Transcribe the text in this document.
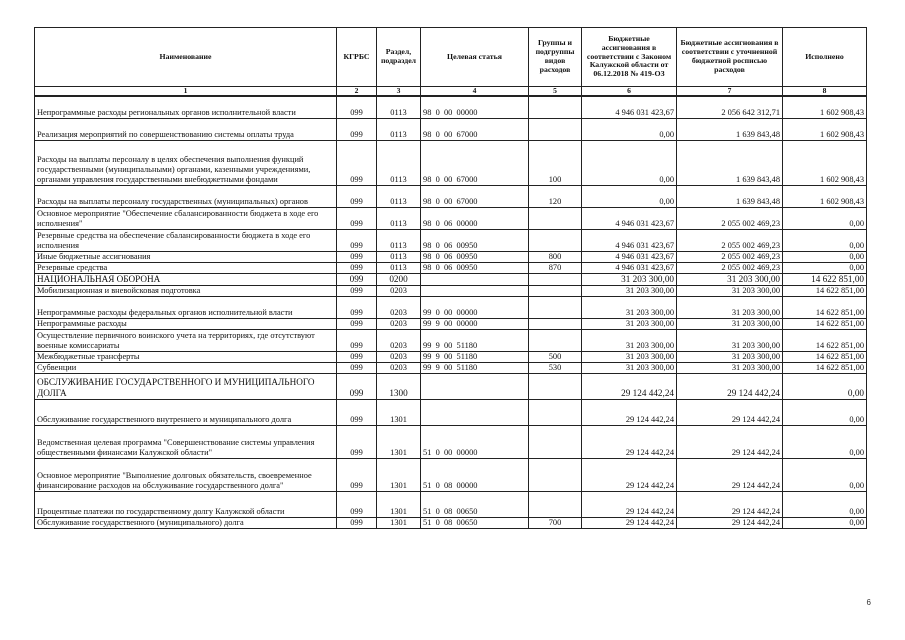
Наименование	КГРБС	Раздел, подраздел	Целевая статья	Группы и подгруппы видов расходов	Бюджетные ассигнования в соответствии с Законом Калужской области от 06.12.2018 № 419-ОЗ	Бюджетные ассигнования в соответствии с уточненной бюджетной росписью расходов	Исполнено
1	2	3	4	5	6	7	8
Непрограммные расходы региональных органов исполнительной власти	099	0113	98  0  00  00000		4 946 031 423,67	2 056 642 312,71	1 602 908,43
Реализация мероприятий по совершенствованию системы оплаты труда	099	0113	98  0  00  67000		0,00	1 639 843,48	1 602 908,43
Расходы на выплаты персоналу в целях обеспечения выполнения функций государственными (муниципальными) органами, казенными учреждениями, органами управления государственными внебюджетными фондами	099	0113	98  0  00  67000	100	0,00	1 639 843,48	1 602 908,43
Расходы на выплаты персоналу государственных (муниципальных) органов	099	0113	98  0  00  67000	120	0,00	1 639 843,48	1 602 908,43
Основное мероприятие "Обеспечение сбалансированности бюджета в ходе его исполнения"	099	0113	98  0  06  00000		4 946 031 423,67	2 055 002 469,23	0,00
Резервные средства на обеспечение сбалансированности бюджета в ходе его исполнения	099	0113	98  0  06  00950		4 946 031 423,67	2 055 002 469,23	0,00
Иные бюджетные ассигнования	099	0113	98  0  06  00950	800	4 946 031 423,67	2 055 002 469,23	0,00
Резервные средства	099	0113	98  0  06  00950	870	4 946 031 423,67	2 055 002 469,23	0,00
НАЦИОНАЛЬНАЯ ОБОРОНА	099	0200			31 203 300,00	31 203 300,00	14 622 851,00
Мобилизационная и вневойсковая подготовка	099	0203			31 203 300,00	31 203 300,00	14 622 851,00
Непрограммные расходы федеральных органов исполнительной власти	099	0203	99  0  00  00000		31 203 300,00	31 203 300,00	14 622 851,00
Непрограммные расходы	099	0203	99  9  00  00000		31 203 300,00	31 203 300,00	14 622 851,00
Осуществление первичного воинского учета на территориях, где отсутствуют военные комиссариаты	099	0203	99  9  00  51180		31 203 300,00	31 203 300,00	14 622 851,00
Межбюджетные трансферты	099	0203	99  9  00  51180	500	31 203 300,00	31 203 300,00	14 622 851,00
Субвенции	099	0203	99  9  00  51180	530	31 203 300,00	31 203 300,00	14 622 851,00
ОБСЛУЖИВАНИЕ ГОСУДАРСТВЕННОГО И МУНИЦИПАЛЬНОГО ДОЛГА	099	1300			29 124 442,24	29 124 442,24	0,00
Обслуживание государственного внутреннего и муниципального долга	099	1301			29 124 442,24	29 124 442,24	0,00
Ведомственная целевая программа "Совершенствование системы управления общественными финансами Калужской области"	099	1301	51  0  00  00000		29 124 442,24	29 124 442,24	0,00
Основное мероприятие "Выполнение долговых обязательств, своевременное финансирование расходов на обслуживание государственного долга"	099	1301	51  0  08  00000		29 124 442,24	29 124 442,24	0,00
Процентные платежи по государственному долгу Калужской области	099	1301	51  0  08  00650		29 124 442,24	29 124 442,24	0,00
Обслуживание государственного (муниципального) долга	099	1301	51  0  08  00650	700	29 124 442,24	29 124 442,24	0,00
6
